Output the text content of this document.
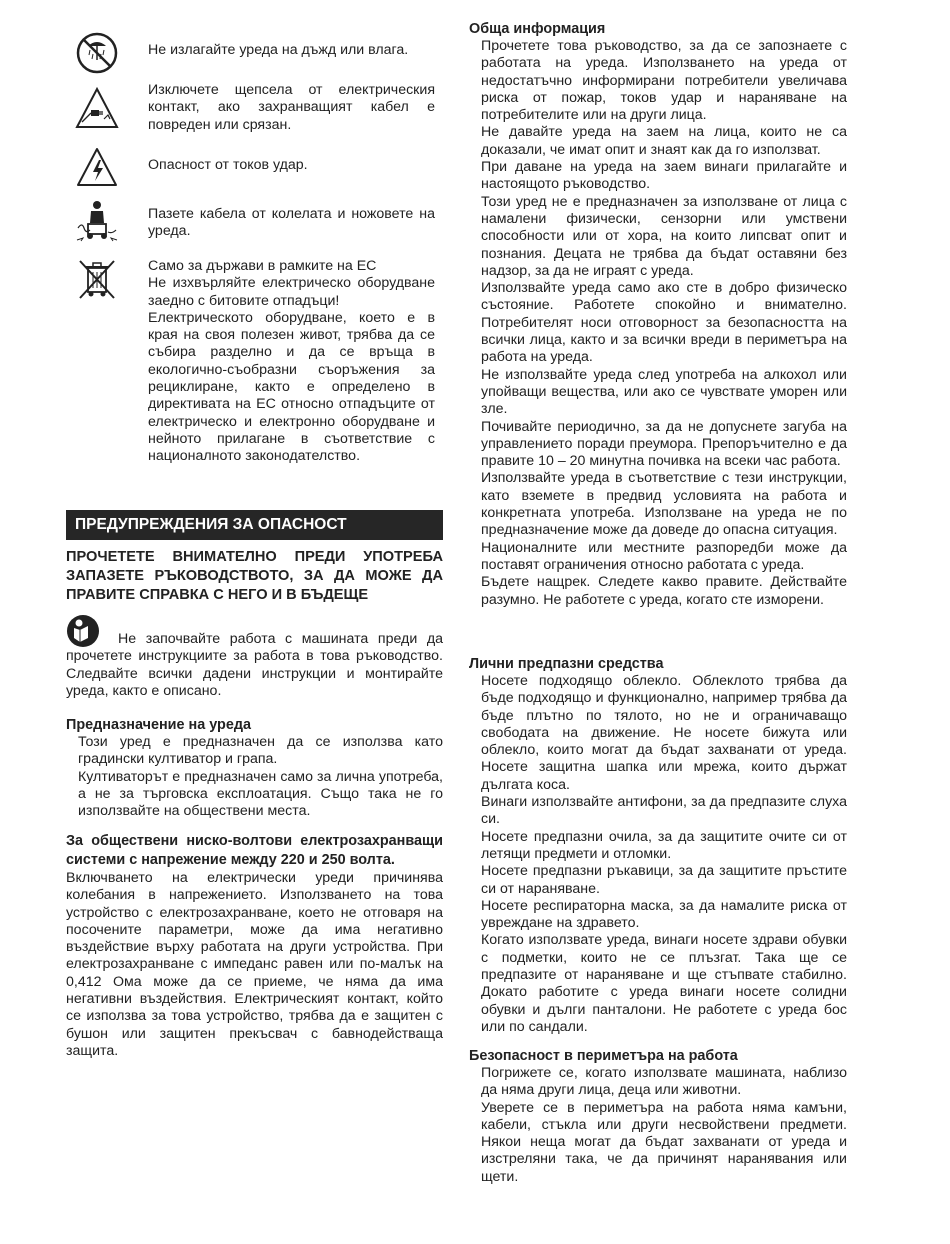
Не излагайте уреда на дъжд или влага.

Изключете щепсела от електрическия контакт, ако захранващият кабел е повреден или срязан.

Опасност от токов удар.

Пазете кабела от колелата и ножовете на уреда.

Само за държави в рамките на ЕС

Не изхвърляйте електрическо оборудване заедно с битовите отпадъци!

Електрическото оборудване, което е в края на своя полезен живот, трябва да се събира разделно и да се връща в екологично-съобразни съоръжения за рециклиране, както е определено в директивата на ЕС относно отпадъците от електрическо и електронно оборудване и нейното прилагане в съответствие с националното законодателство.

ПРЕДУПРЕЖДЕНИЯ ЗА ОПАСНОСТ

ПРОЧЕТЕТЕ ВНИМАТЕЛНО ПРЕДИ УПОТРЕБА ЗАПАЗЕТЕ РЪКОВОДСТВОТО, ЗА ДА МОЖЕ ДА ПРАВИТЕ СПРАВКА С НЕГО И В БЪДЕЩЕ

Не започвайте работа с машината преди да прочетете инструкциите за работа в това ръководство. Следвайте всички дадени инструкции и монтирайте уреда, както е описано.

Предназначение на уреда

Този уред е предназначен да се използва като градински култиватор и грапа.

Култиваторът е предназначен само за лична употреба, а не за търговска експлоатация. Също така не го използвайте на обществени места.

За обществени ниско-волтови електрозахранващи системи с напрежение между 220 и 250 волта.

Включването на електрически уреди причинява колебания в напрежението. Използването на това устройство с електрозахранване, което не отговаря на посочените параметри, може да има негативно въздействие върху работата на други устройства. При електрозахранване с импеданс равен или по-малък на 0,412 Ома може да се приеме, че няма да има негативни въздействия. Електрическият контакт, който се използва за това устройство, трябва да е защитен с бушон или защитен прекъсвач с бавнодействаща защита.

Обща информация

Прочетете това ръководство, за да се запознаете с работата на уреда. Използването на уреда от недостатъчно информирани потребители увеличава риска от пожар, токов удар и нараняване на потребителите или на други лица.

Не давайте уреда на заем на лица, които не са доказали, че имат опит и знаят как да го използват.

При даване на уреда на заем винаги прилагайте и настоящото ръководство.

Този уред не е предназначен за използване от лица с намалени физически, сензорни или умствени способности или от хора, на които липсват опит и познания. Децата не трябва да бъдат оставяни без надзор, за да не играят с уреда.

Използвайте уреда само ако сте в добро физическо състояние. Работете спокойно и внимателно. Потребителят носи отговорност за безопасността на всички лица, както и за всички вреди в периметъра на работа на уреда.

Не използвайте уреда след употреба на алкохол или упойващи вещества, или ако се чувствате уморен или зле.

Почивайте периодично, за да не допуснете загуба на управлението поради преумора. Препоръчително е да правите 10 – 20 минутна почивка на всеки час работа.

Използвайте уреда в съответствие с тези инструкции, като вземете в предвид условията на работа и конкретната употреба. Използване на уреда не по предназначение може да доведе до опасна ситуация.

Националните или местните разпоредби може да поставят ограничения относно работата с уреда.

Бъдете нащрек. Следете какво правите. Действайте разумно. Не работете с уреда, когато сте изморени.

Лични предпазни средства

Носете подходящо облекло. Облеклото трябва да бъде подходящо и функционално, например трябва да бъде плътно по тялото, но не и ограничаващо свободата на движение. Не носете бижута или облекло, които могат да бъдат захванати от уреда. Носете защитна шапка или мрежа, които държат дългата коса.

Винаги използвайте антифони, за да предпазите слуха си.

Носете предпазни очила, за да защитите очите си от летящи предмети и отломки.

Носете предпазни ръкавици, за да защитите пръстите си от нараняване.

Носете респираторна маска, за да намалите риска от увреждане на здравето.

Когато използвате уреда, винаги носете здрави обувки с подметки, които не се плъзгат. Така ще се предпазите от нараняване и ще стъпвате стабилно. Докато работите с уреда винаги носете солидни обувки и дълги панталони. Не работете с уреда бос или по сандали.

Безопасност в периметъра на работа

Погрижете се, когато използвате машината, наблизо да няма други лица, деца или животни.

Уверете се в периметъра на работа няма камъни, кабели, стъкла или други несвойствени предмети. Някои неща могат да бъдат захванати от уреда и изстреляни така, че да причинят наранявания или щети.
